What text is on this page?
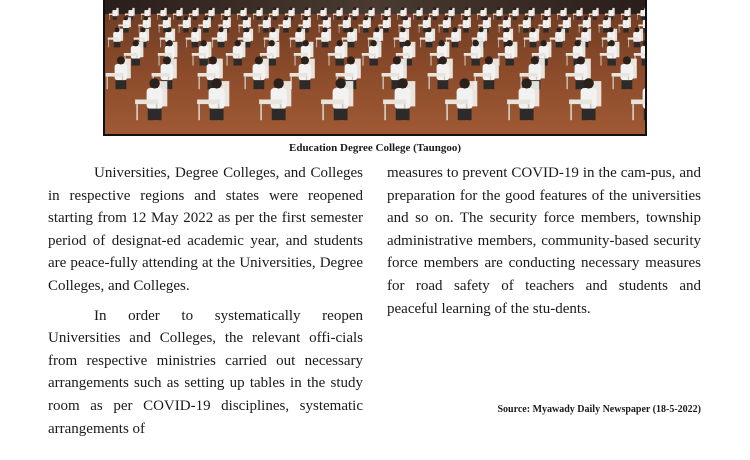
Education Degree College (Taungoo)

Universities, Degree Colleges, and Colleges in respective regions and states were reopened starting from 12 May 2022 as per the first semester period of designat-ed academic year, and students are peace-fully attending at the Universities, Degree Colleges, and Colleges.

In order to systematically reopen Universities and Colleges, the relevant offi-cials from respective ministries carried out necessary arrangements such as setting up tables in the study room as per COVID-19 disciplines, systematic arrangements of

measures to prevent COVID-19 in the cam-pus, and preparation for the good features of the universities and so on. The security force members, township administrative members, community-based security force members are conducting necessary measures for road safety of teachers and students and peaceful learning of the stu-dents.

Source: Myawady Daily Newspaper (18-5-2022)
